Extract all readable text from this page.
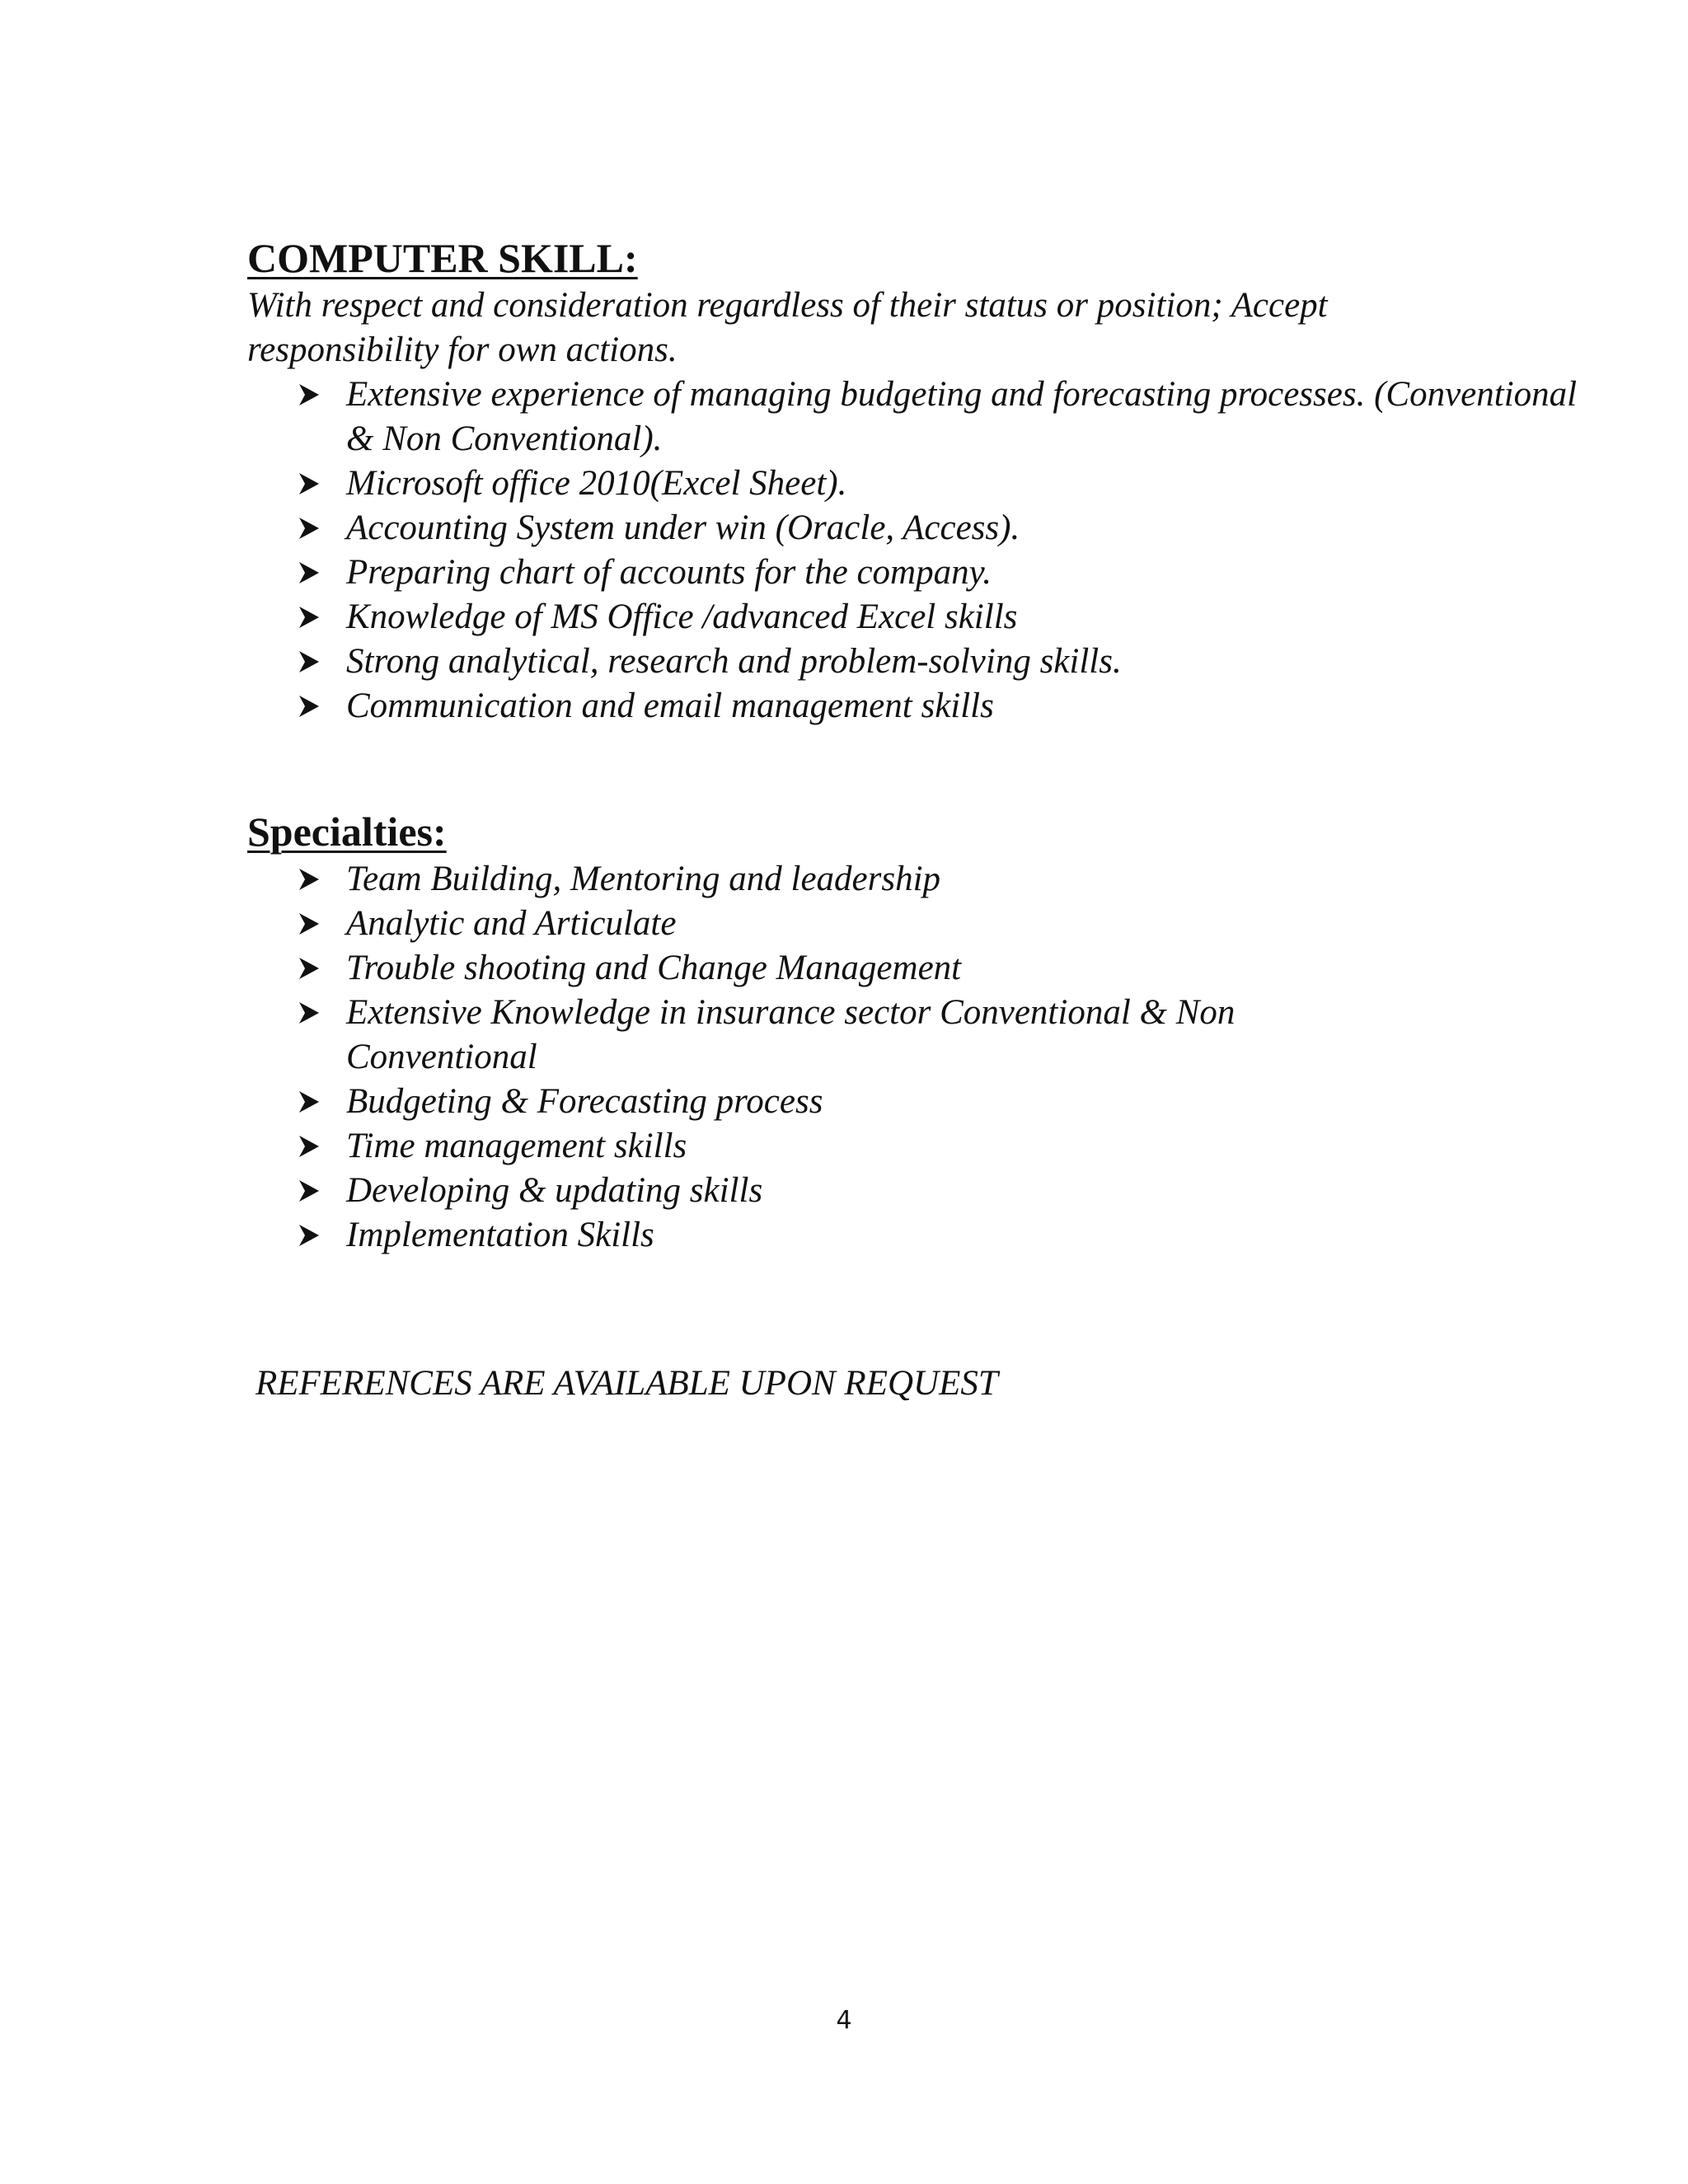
COMPUTER SKILL:

With respect and consideration regardless of their status or position; Accept responsibility for own actions.

Extensive experience of managing budgeting and forecasting processes. (Conventional & Non Conventional).
Microsoft office 2010(Excel Sheet).
Accounting System under win (Oracle, Access).
Preparing chart of accounts for the company.
Knowledge of MS Office /advanced Excel skills
Strong analytical, research and problem-solving skills.
Communication and email management skills
Specialties:
Team Building, Mentoring and leadership
Analytic and Articulate
Trouble shooting and Change Management
Extensive Knowledge in insurance sector Conventional & Non Conventional
Budgeting & Forecasting process
Time management skills
Developing & updating skills
Implementation Skills

REFERENCES ARE AVAILABLE UPON REQUEST

4
